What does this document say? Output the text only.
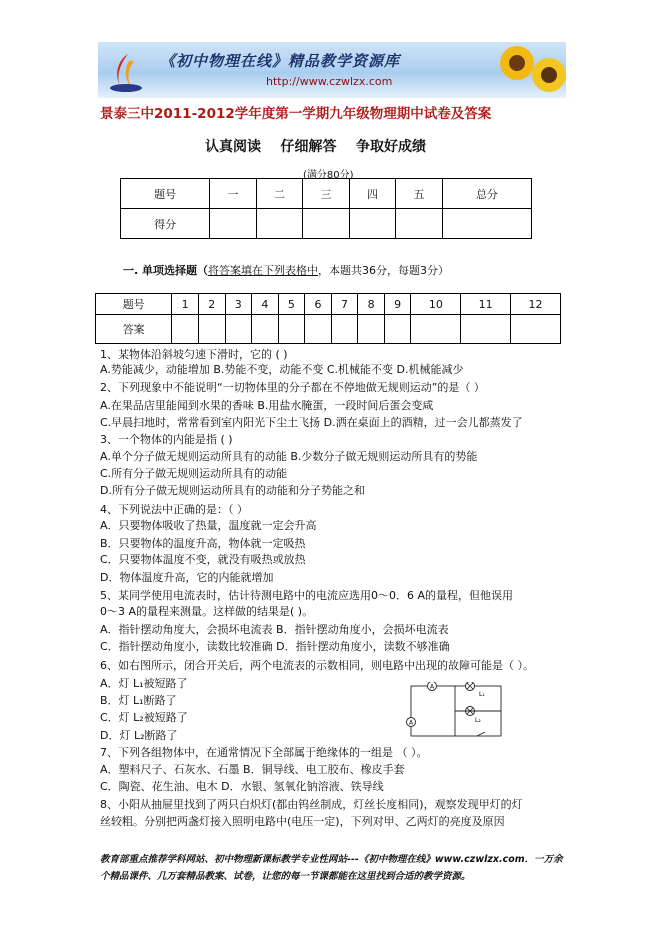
《初中物理在线》精品教学资源库
http://www.czwlzx.com
景泰三中2011-2012学年度第一学期九年级物理期中试卷及答案
认真阅读    仔细解答    争取好成绩
(满分80分)
题号	一	二	三	四	五	总分
得分						
一. 单项选择题（将答案填在下列表格中，本题共36分，每题3分）
题号	1	2	3	4	5	6	7	8	9	10	11	12
答案												
1、某物体沿斜坡匀速下滑时，它的 ( )
A.势能减少，动能增加 B.势能不变，动能不变 C.机械能不变 D.机械能减少
2、下列现象中不能说明“一切物体里的分子都在不停地做无规则运动”的是（ ）
A.在果品店里能闻到水果的香味 B.用盐水腌蛋，一段时间后蛋会变咸
C.早晨扫地时，常常看到室内阳光下尘土飞扬 D.洒在桌面上的酒精，过一会儿都蒸发了
3、一个物体的内能是指 ( )
A.单个分子做无规则运动所具有的动能 B.少数分子做无规则运动所具有的势能
C.所有分子做无规则运动所具有的动能
D.所有分子做无规则运动所具有的动能和分子势能之和
4、下列说法中正确的是：（ ）
A．只要物体吸收了热量，温度就一定会升高
B．只要物体的温度升高，物体就一定吸热
C．只要物体温度不变，就没有吸热或放热
D．物体温度升高，它的内能就增加
5、某同学使用电流表时，估计待测电路中的电流应选用0～0．6 A的量程，但他误用
0～3 A的量程来测量。这样做的结果是( )。
A．指针摆动角度大，会损坏电流表 B．指针摆动角度小，会损坏电流表
C．指针摆动角度小，读数比较准确 D．指针摆动角度小，读数不够准确
6、如右图所示，闭合开关后，两个电流表的示数相同，则电路中出现的故障可能是（ ）。
A．灯 L₁被短路了
B．灯 L₁断路了
C．灯 L₂被短路了
D．灯 L₂断路了
7、下列各组物体中，在通常情况下全部属于绝缘体的一组是 （ ）。
A．塑料尺子、石灰水、石墨 B．铜导线、电工胶布、橡皮手套
C．陶瓷、花生油、电木 D．水银、氢氧化钠溶液、铁导线
8、小阳从抽屉里找到了两只白炽灯(都由钨丝制成，灯丝长度相同)，观察发现甲灯的灯
丝较粗。分别把两盏灯接入照明电路中(电压一定)，下列对甲、乙两灯的亮度及原因
A
A
L₁
L₂
教育部重点推荐学科网站、初中物理新课标教学专业性网站---《初中物理在线》www.czwlzx.com．一万余
个精品课件、几万套精品教案、试卷，让您的每一节课都能在这里找到合适的教学资源。
